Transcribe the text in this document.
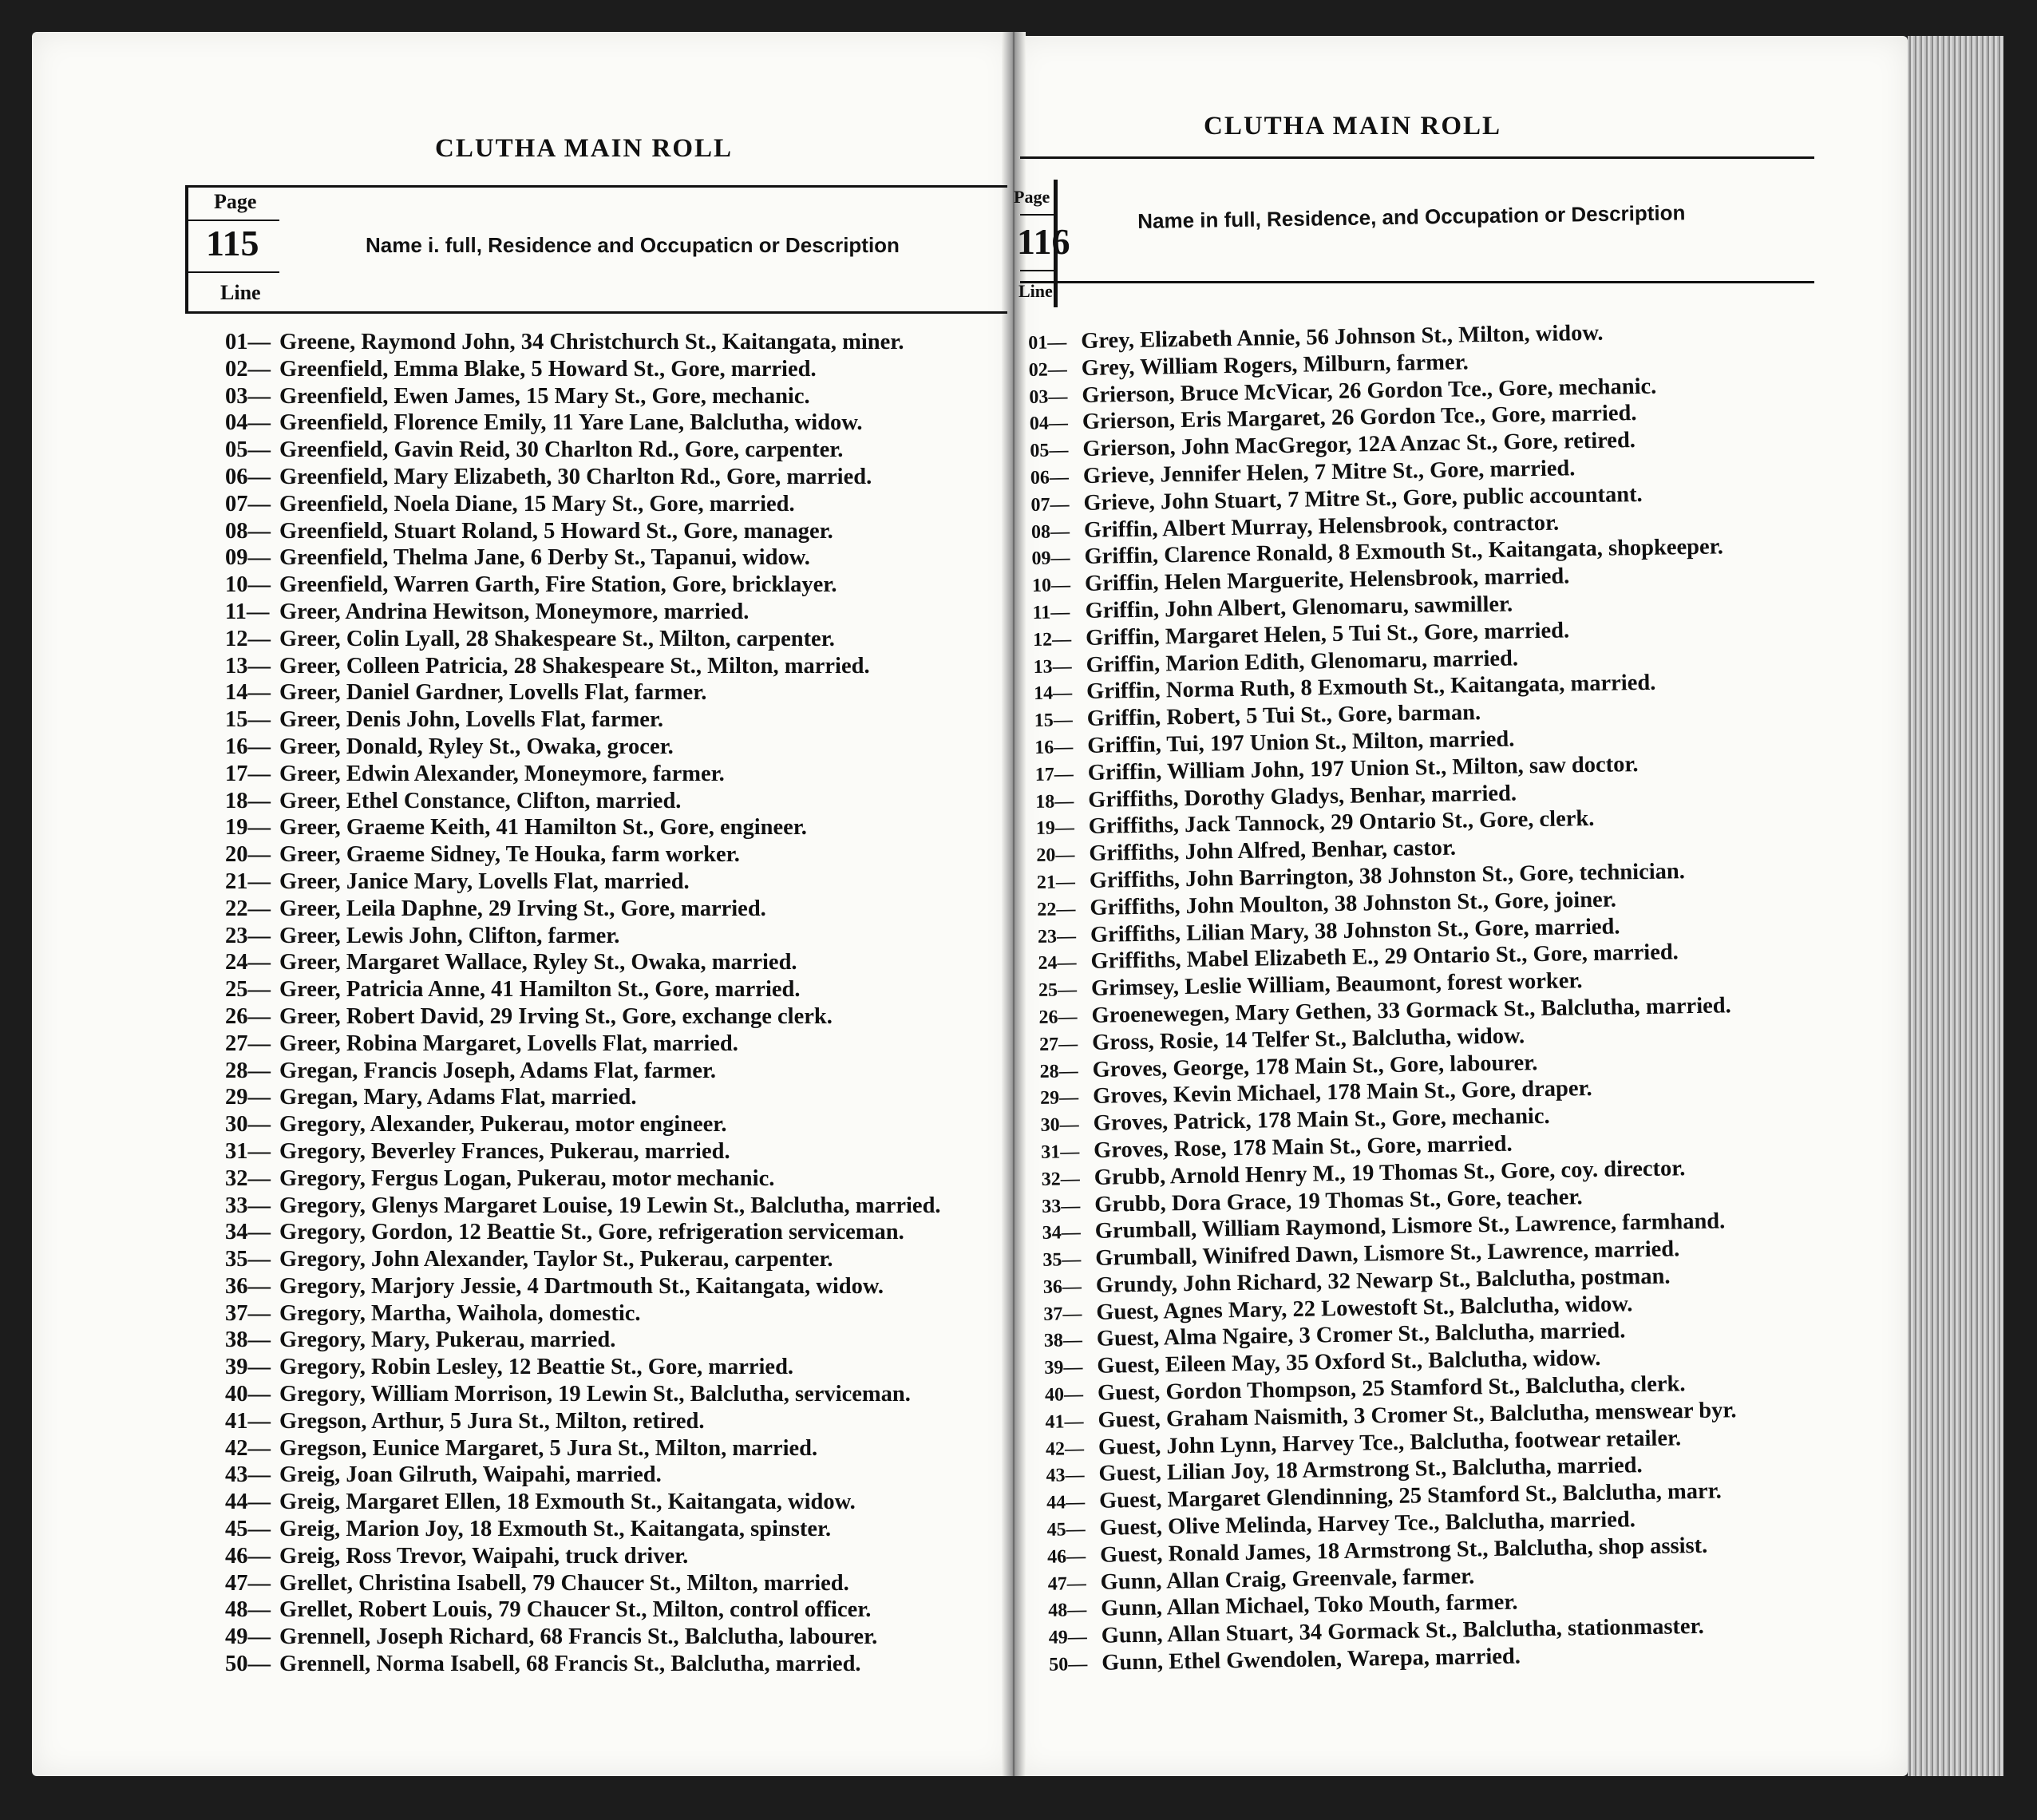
CLUTHA MAIN ROLL
Page
115
Line
Name i. full, Residence and Occupaticn or Description
CLUTHA MAIN ROLL
Page
116
Line
Name in full, Residence, and Occupation or Description
01— Greene, Raymond John, 34 Christchurch St., Kaitangata, miner.
02— Greenfield, Emma Blake, 5 Howard St., Gore, married.
03— Greenfield, Ewen James, 15 Mary St., Gore, mechanic.
04— Greenfield, Florence Emily, 11 Yare Lane, Balclutha, widow.
05— Greenfield, Gavin Reid, 30 Charlton Rd., Gore, carpenter.
06— Greenfield, Mary Elizabeth, 30 Charlton Rd., Gore, married.
07— Greenfield, Noela Diane, 15 Mary St., Gore, married.
08— Greenfield, Stuart Roland, 5 Howard St., Gore, manager.
09— Greenfield, Thelma Jane, 6 Derby St., Tapanui, widow.
10— Greenfield, Warren Garth, Fire Station, Gore, bricklayer.
11— Greer, Andrina Hewitson, Moneymore, married.
12— Greer, Colin Lyall, 28 Shakespeare St., Milton, carpenter.
13— Greer, Colleen Patricia, 28 Shakespeare St., Milton, married.
14— Greer, Daniel Gardner, Lovells Flat, farmer.
15— Greer, Denis John, Lovells Flat, farmer.
16— Greer, Donald, Ryley St., Owaka, grocer.
17— Greer, Edwin Alexander, Moneymore, farmer.
18— Greer, Ethel Constance, Clifton, married.
19— Greer, Graeme Keith, 41 Hamilton St., Gore, engineer.
20— Greer, Graeme Sidney, Te Houka, farm worker.
21— Greer, Janice Mary, Lovells Flat, married.
22— Greer, Leila Daphne, 29 Irving St., Gore, married.
23— Greer, Lewis John, Clifton, farmer.
24— Greer, Margaret Wallace, Ryley St., Owaka, married.
25— Greer, Patricia Anne, 41 Hamilton St., Gore, married.
26— Greer, Robert David, 29 Irving St., Gore, exchange clerk.
27— Greer, Robina Margaret, Lovells Flat, married.
28— Gregan, Francis Joseph, Adams Flat, farmer.
29— Gregan, Mary, Adams Flat, married.
30— Gregory, Alexander, Pukerau, motor engineer.
31— Gregory, Beverley Frances, Pukerau, married.
32— Gregory, Fergus Logan, Pukerau, motor mechanic.
33— Gregory, Glenys Margaret Louise, 19 Lewin St., Balclutha, married.
34— Gregory, Gordon, 12 Beattie St., Gore, refrigeration serviceman.
35— Gregory, John Alexander, Taylor St., Pukerau, carpenter.
36— Gregory, Marjory Jessie, 4 Dartmouth St., Kaitangata, widow.
37— Gregory, Martha, Waihola, domestic.
38— Gregory, Mary, Pukerau, married.
39— Gregory, Robin Lesley, 12 Beattie St., Gore, married.
40— Gregory, William Morrison, 19 Lewin St., Balclutha, serviceman.
41— Gregson, Arthur, 5 Jura St., Milton, retired.
42— Gregson, Eunice Margaret, 5 Jura St., Milton, married.
43— Greig, Joan Gilruth, Waipahi, married.
44— Greig, Margaret Ellen, 18 Exmouth St., Kaitangata, widow.
45— Greig, Marion Joy, 18 Exmouth St., Kaitangata, spinster.
46— Greig, Ross Trevor, Waipahi, truck driver.
47— Grellet, Christina Isabell, 79 Chaucer St., Milton, married.
48— Grellet, Robert Louis, 79 Chaucer St., Milton, control officer.
49— Grennell, Joseph Richard, 68 Francis St., Balclutha, labourer.
50— Grennell, Norma Isabell, 68 Francis St., Balclutha, married.
01— Grey, Elizabeth Annie, 56 Johnson St., Milton, widow.
02— Grey, William Rogers, Milburn, farmer.
03— Grierson, Bruce McVicar, 26 Gordon Tce., Gore, mechanic.
04— Grierson, Eris Margaret, 26 Gordon Tce., Gore, married.
05— Grierson, John MacGregor, 12A Anzac St., Gore, retired.
06— Grieve, Jennifer Helen, 7 Mitre St., Gore, married.
07— Grieve, John Stuart, 7 Mitre St., Gore, public accountant.
08— Griffin, Albert Murray, Helensbrook, contractor.
09— Griffin, Clarence Ronald, 8 Exmouth St., Kaitangata, shopkeeper.
10— Griffin, Helen Marguerite, Helensbrook, married.
11— Griffin, John Albert, Glenomaru, sawmiller.
12— Griffin, Margaret Helen, 5 Tui St., Gore, married.
13— Griffin, Marion Edith, Glenomaru, married.
14— Griffin, Norma Ruth, 8 Exmouth St., Kaitangata, married.
15— Griffin, Robert, 5 Tui St., Gore, barman.
16— Griffin, Tui, 197 Union St., Milton, married.
17— Griffin, William John, 197 Union St., Milton, saw doctor.
18— Griffiths, Dorothy Gladys, Benhar, married.
19— Griffiths, Jack Tannock, 29 Ontario St., Gore, clerk.
20— Griffiths, John Alfred, Benhar, castor.
21— Griffiths, John Barrington, 38 Johnston St., Gore, technician.
22— Griffiths, John Moulton, 38 Johnston St., Gore, joiner.
23— Griffiths, Lilian Mary, 38 Johnston St., Gore, married.
24— Griffiths, Mabel Elizabeth E., 29 Ontario St., Gore, married.
25— Grimsey, Leslie William, Beaumont, forest worker.
26— Groenewegen, Mary Gethen, 33 Gormack St., Balclutha, married.
27— Gross, Rosie, 14 Telfer St., Balclutha, widow.
28— Groves, George, 178 Main St., Gore, labourer.
29— Groves, Kevin Michael, 178 Main St., Gore, draper.
30— Groves, Patrick, 178 Main St., Gore, mechanic.
31— Groves, Rose, 178 Main St., Gore, married.
32— Grubb, Arnold Henry M., 19 Thomas St., Gore, coy. director.
33— Grubb, Dora Grace, 19 Thomas St., Gore, teacher.
34— Grumball, William Raymond, Lismore St., Lawrence, farmhand.
35— Grumball, Winifred Dawn, Lismore St., Lawrence, married.
36— Grundy, John Richard, 32 Newarp St., Balclutha, postman.
37— Guest, Agnes Mary, 22 Lowestoft St., Balclutha, widow.
38— Guest, Alma Ngaire, 3 Cromer St., Balclutha, married.
39— Guest, Eileen May, 35 Oxford St., Balclutha, widow.
40— Guest, Gordon Thompson, 25 Stamford St., Balclutha, clerk.
41— Guest, Graham Naismith, 3 Cromer St., Balclutha, menswear byr.
42— Guest, John Lynn, Harvey Tce., Balclutha, footwear retailer.
43— Guest, Lilian Joy, 18 Armstrong St., Balclutha, married.
44— Guest, Margaret Glendinning, 25 Stamford St., Balclutha, marr.
45— Guest, Olive Melinda, Harvey Tce., Balclutha, married.
46— Guest, Ronald James, 18 Armstrong St., Balclutha, shop assist.
47— Gunn, Allan Craig, Greenvale, farmer.
48— Gunn, Allan Michael, Toko Mouth, farmer.
49— Gunn, Allan Stuart, 34 Gormack St., Balclutha, stationmaster.
50— Gunn, Ethel Gwendolen, Warepa, married.
